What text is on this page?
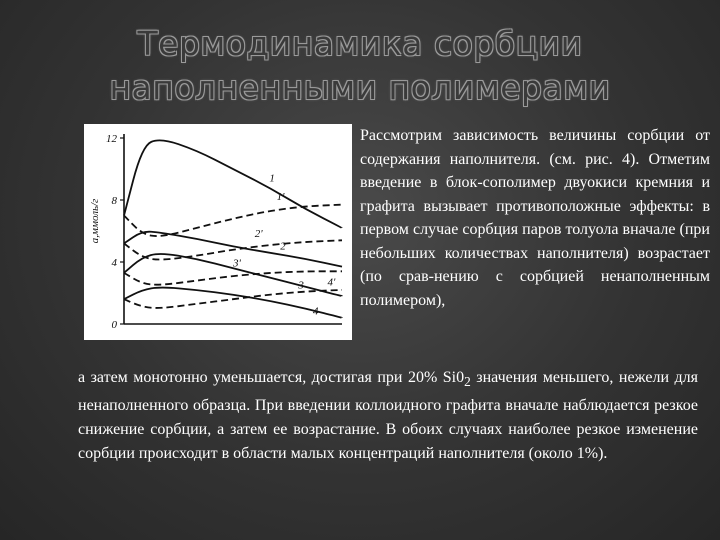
Термодинамика сорбции
наполненными полимерами
12
8
4
0
a,ммоль/г
1
1'
2
2'
3
3'
4
4'
Рассмотрим зависимость величины сорбции от содержания наполнителя. (см. рис. 4). Отметим введение в блок-сополимер двуокиси кремния и графита вызывает противоположные эффекты: в первом случае сорбция паров толуола вначале (при небольших количествах наполнителя) возрастает (по срав-нению с сорбцией ненаполненным полимером),
а затем монотонно уменьшается, достигая при 20% $Si0_2$ значения меньшего, нежели для ненаполненного образца. При введении коллоидного графита вначале наблюдается резкое снижение сорбции, а затем ее возрастание. В обоих случаях наиболее резкое изменение сорбции происходит в области малых концентраций наполнителя (около 1%).
